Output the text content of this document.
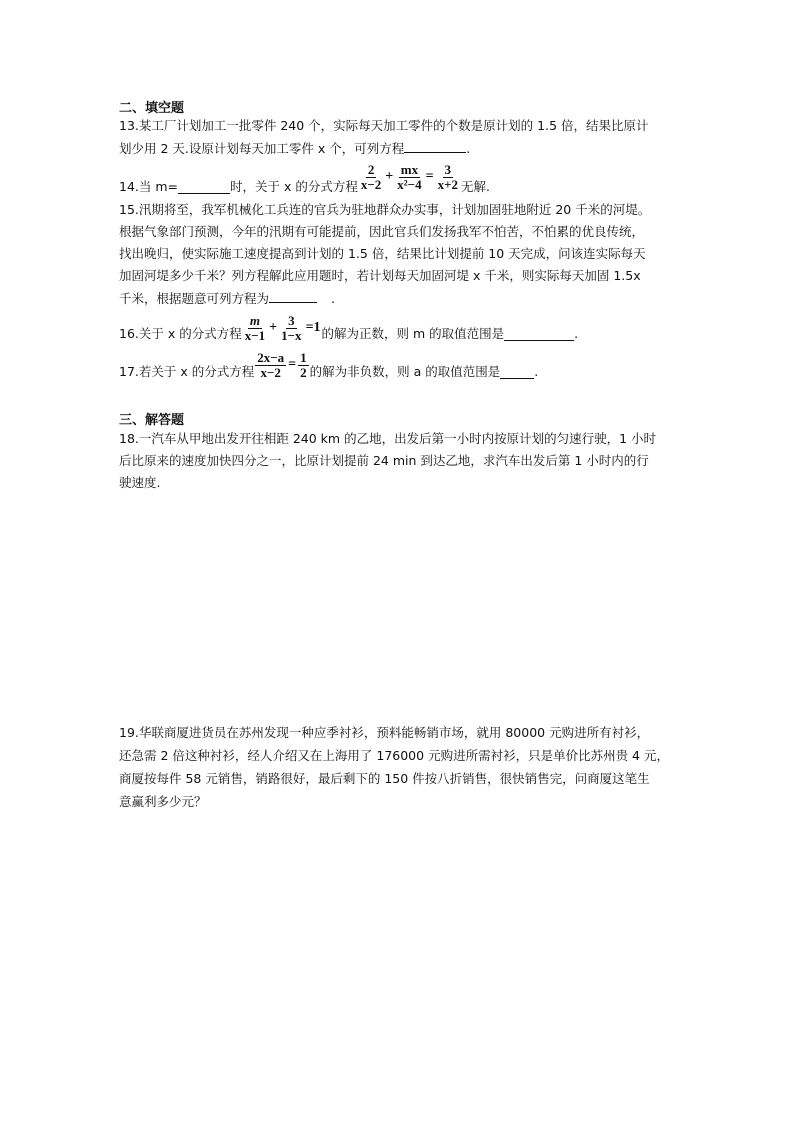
二、填空题
13.某工厂计划加工一批零件 240 个，实际每天加工零件的个数是原计划的 1.5 倍，结果比原计
划少用 2 天.设原计划每天加工零件 x 个，可列方程	.
14.当 m=	时，关于 x 的分式方程 $\frac{2}{x-2} + \frac{mx}{\text{x²−4}} = \frac{3}{x+2}$ 无解.
15.汛期将至，我军机械化工兵连的官兵为驻地群众办实事，计划加固驻地附近 20 千米的河堤。
根据气象部门预测，今年的汛期有可能提前，因此官兵们发扬我军不怕苦，不怕累的优良传统，
找出晚归，使实际施工速度提高到计划的 1.5 倍，结果比计划提前 10 天完成，问该连实际每天
加固河堤多少千米？列方程解此应用题时，若计划每天加固河堤 x 千米，则实际每天加固 1.5x
千米，根据题意可列方程为	.
16.关于 x 的分式方程 $\frac{m}{x-1} + \frac{3}{1-x} =1$ 的解为正数，则 m 的取值范围是	.
17.若关于 x 的分式方程 $\frac{2x-a}{x-2} = \frac{1}{2}$ 的解为非负数，则 a 的取值范围是	.
三、解答题
18.一汽车从甲地出发开往相距 240 km 的乙地，出发后第一小时内按原计划的匀速行驶，1 小时
后比原来的速度加快四分之一，比原计划提前 24 min 到达乙地，求汽车出发后第 1 小时内的行
驶速度.
19.华联商厦进货员在苏州发现一种应季衬衫，预料能畅销市场，就用 80000 元购进所有衬衫，
还急需 2 倍这种衬衫，经人介绍又在上海用了 176000 元购进所需衬衫，只是单价比苏州贵 4 元，
商厦按每件 58 元销售，销路很好，最后剩下的 150 件按八折销售，很快销售完，问商厦这笔生
意赢利多少元？
